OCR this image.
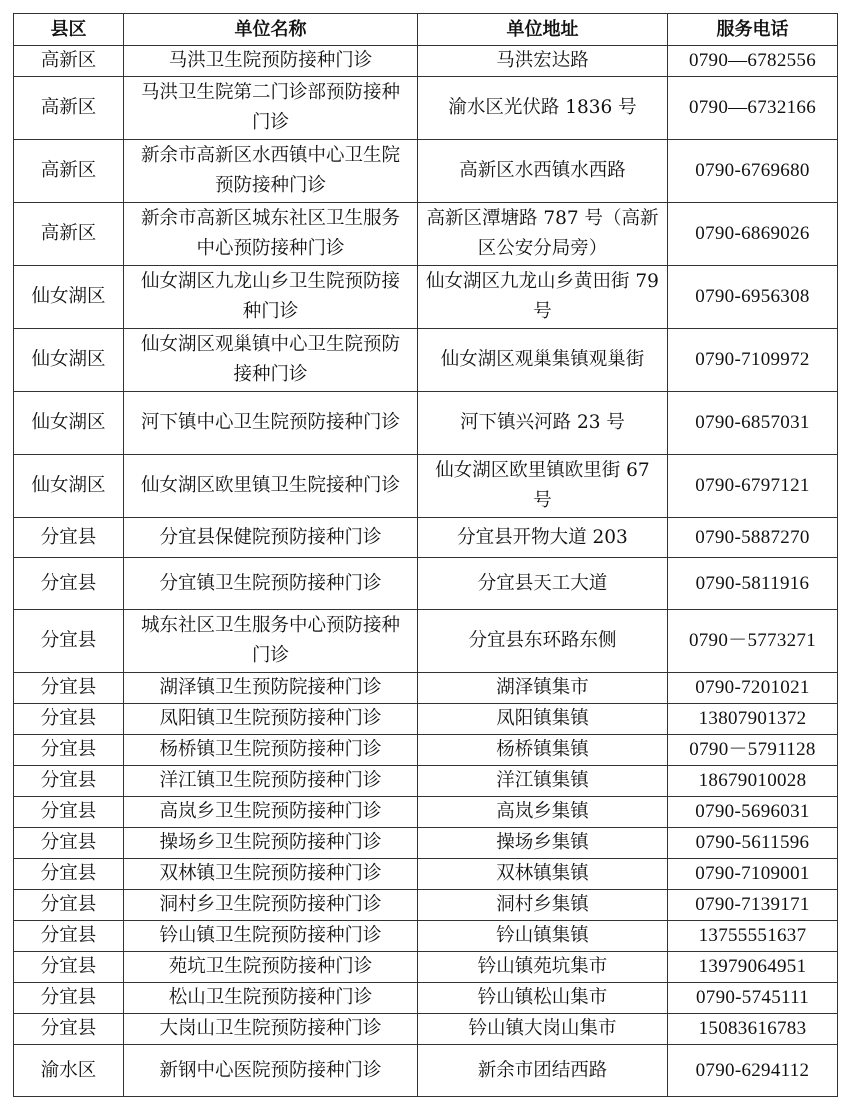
县区	单位名称	单位地址	服务电话
高新区	马洪卫生院预防接种门诊	马洪宏达路	0790—6782556
高新区	马洪卫生院第二门诊部预防接种门诊	渝水区光伏路 1836 号	0790—6732166
高新区	新余市高新区水西镇中心卫生院预防接种门诊	高新区水西镇水西路	0790-6769680
高新区	新余市高新区城东社区卫生服务中心预防接种门诊	高新区潭塘路 787 号（高新区公安分局旁）	0790-6869026
仙女湖区	仙女湖区九龙山乡卫生院预防接种门诊	仙女湖区九龙山乡黄田街 79 号	0790-6956308
仙女湖区	仙女湖区观巢镇中心卫生院预防接种门诊	仙女湖区观巢集镇观巢街	0790-7109972
仙女湖区	河下镇中心卫生院预防接种门诊	河下镇兴河路 23 号	0790-6857031
仙女湖区	仙女湖区欧里镇卫生院接种门诊	仙女湖区欧里镇欧里街 67 号	0790-6797121
分宜县	分宜县保健院预防接种门诊	分宜县开物大道 203	0790-5887270
分宜县	分宜镇卫生院预防接种门诊	分宜县天工大道	0790-5811916
分宜县	城东社区卫生服务中心预防接种门诊	分宜县东环路东侧	0790－5773271
分宜县	湖泽镇卫生预防院接种门诊	湖泽镇集市	0790-7201021
分宜县	凤阳镇卫生院预防接种门诊	凤阳镇集镇	13807901372
分宜县	杨桥镇卫生院预防接种门诊	杨桥镇集镇	0790－5791128
分宜县	洋江镇卫生院预防接种门诊	洋江镇集镇	18679010028
分宜县	高岚乡卫生院预防接种门诊	高岚乡集镇	0790-5696031
分宜县	操场乡卫生院预防接种门诊	操场乡集镇	0790-5611596
分宜县	双林镇卫生院预防接种门诊	双林镇集镇	0790-7109001
分宜县	洞村乡卫生院预防接种门诊	洞村乡集镇	0790-7139171
分宜县	钤山镇卫生院预防接种门诊	钤山镇集镇	13755551637
分宜县	苑坑卫生院预防接种门诊	钤山镇苑坑集市	13979064951
分宜县	松山卫生院预防接种门诊	钤山镇松山集市	0790-5745111
分宜县	大岗山卫生院预防接种门诊	钤山镇大岗山集市	15083616783
渝水区	新钢中心医院预防接种门诊	新余市团结西路	0790-6294112
